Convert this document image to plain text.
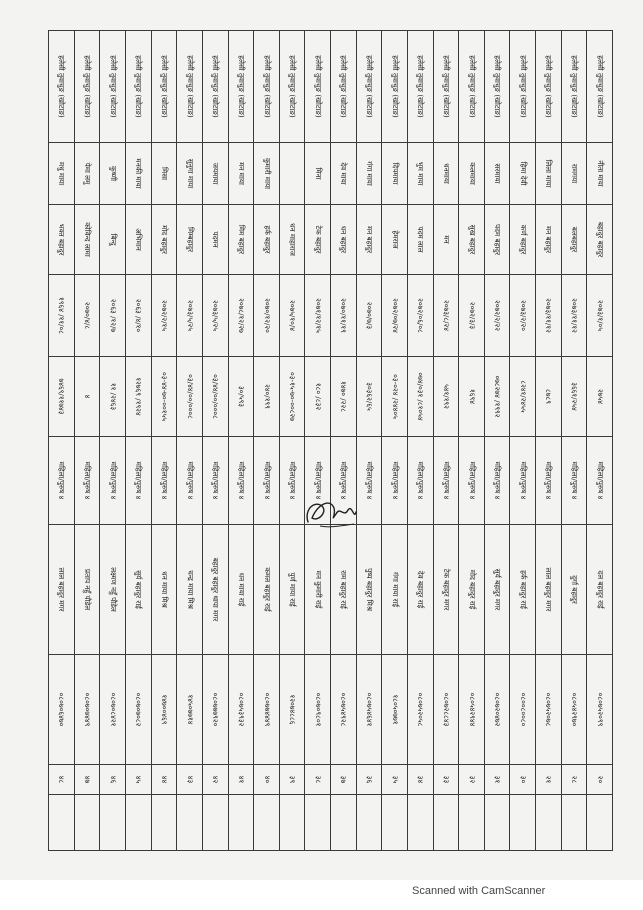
हलेसी तुवाचुङ (खोटाङ)	नीता माया	बहादुर बहादुर	२०७३/१/०५	२७५४	महिला/पुरुष ४	दल बहादुर राई	०८०७५२०९९	२०	
हलेसी तुवाचुङ (खोटाङ)	रामगया	बलबहादुर	२०७३/११/१२	३६६१/२५४	महिला/पुरुष ४	दुर्गा बहादुर	०८०५४२९७०	२८	
हलेसी तुवाचुङ (खोटाङ)	लिला माया	मन बहादुर	२०७३/११/१२	८७८९	महिला/पुरुष ४	लाल बहादुर मगर	०८०७५२०७८	२१	
हलेसी तुवाचुङ (खोटाङ)	हिमा देवी	कर्ण बहादुर	२०७३/२/२०	८२४१/२४५५	महिला/पुरुष ४	हर्क बहादुर राई	०८००८००८०	३०	
हलेसी तुवाचुङ (खोटाङ)	सरमाया	पदम बहादुर	२०७२/२/२२	०७८२७४ /१९९२	महिला/पुरुष ४	सुर्य बहादुर मगर	०८०७२०४७२	३१	
हलेसी तुवाचुङ (खोटाङ)	कलमाया	सुख बहादुर	२०७२/३/३	१६९४	महिला/पुरुष ४	मोद बहादुर राई	०८०५४२९४४	३२	
हलेसी तुवाचुङ (खोटाङ)	धनमाया	मन	२०७३/८/२४	५४१/१९२	महिला/पुरुष ४	टेक बहादुर मगर	०८०७२८८४३	३३	
हलेसी तुवाचुङ (खोटाङ)	भुम माया	पदम लाल	२०७२/०६/०८	०७४/०३१ /८१०५४	महिला/पुरुष ४	देव बहादुर राई	०८०७५२०५८	३४	
हलेसी तुवाचुङ (खोटाङ)	दिपमाया	हेमराज	२०७२/०७/२४	०३-०२४ /२४४०५	महिला/पुरुष ४	गंगा माया राई	१८०५०७७१	३५	
हलेसी तुवाचुङ (खोटाङ)	गंगा माया	मन बहादुर	२०७०/७/३	३०३६२/६५	महिला/पुरुष ४	पुष्प बहादुर मिश्र	०८०७५४६४१	३६	
हलेसी तुवाचुङ (खोटाङ)	देव माया	धन बहादुर	२०७०/११/१९	१४७० /२२८	महिला/पुरुष ४	राम बहादुर राई	०८०७५४९२८	३७	
हलेसी तुवाचुङ (खोटाङ)	मिना	टेक बहादुर	२०७१/१२/१५	१८० /८३२	महिला/पुरुष ४	मन कुमारी राई	०८०७०९८०१	३८	
हलेसी तुवाचुङ (खोटाङ)		धन माहाराज	२०७५/१०/४	०३-१५-७०-००८२७	महिला/पुरुष ४	पुर्ण माया राई	१२०७४८८६	३९	
हलेसी तुवाचुङ (खोटाङ)	कुमारी माया	हर्क बहादुर	२०७०/१२/२०	२४०/१९९	महिला/पुरुष ४	कमल बहादुर राई	०८०७७४४४९	४०	
हलेसी तुवाचुङ (खोटाङ)	मन माया	मिम बहादुर	२०७८/१२/२७	३०/५९३	महिला/पुरुष ४	धन माया राई	०८०७५३९३२	४१	
हलेसी तुवाचुङ (खोटाङ)	जयमाया	पदमन	२०७३/५/२५	०३/४४/००/०००८	महिला/पुरुष ४	बहादुर बहादुर थापा मगर	०८०७७७९२०	४२	
हलेसी तुवाचुङ (खोटाङ)	सुनुगा माया	मिम्बहादुर	२०७३/५/२५	०३/४४/००/०००८	महिला/पुरुष ४	चन्द्र माया मिश्र	१४५०७७१४	४३	
हलेसी तुवाचुङ (खोटाङ)	मिसा	मोद बहादुर	२०७२/२/१५	०३-४४-७०-००१५५	महिला/पुरुष ४	धन माया मिश्र	१४७००४६९	४४	
हलेसी तुवाचुङ (खोटाङ)	मनकी माया	अभिमान	२०६३ /४/१०	१२७६९ /१९२४	महिला/पुरुष ४	सुर्य बहादुर राई	०८०७०७०८२	४५	
हलेसी तुवाचुङ (खोटाङ)	कुष्णी	बिन्दु	२०६३ /१२/७	११ /२४६३	महिला/पुरुष ४	लक्ष्मण नहुँ पौडेल	०८०७०८४२१	४६	
हलेसी तुवाचुङ (खोटाङ)	पेमा लमु	कोविन्द लामा	२०७०/४/८	४	महिला/पुरुष ४	प्रताप नहुँ पौडेल	०८०७०७४४९	४७	
हलेसी तुवाचुङ (खोटाङ)	मधु माया	भक्त बहादुर	१९६४ /११/०८	७४६९/११७४३	महिला/पुरुष ४	लाल बहादुर मगर	०८०७०६४७०	४८	
Scanned with CamScanner
